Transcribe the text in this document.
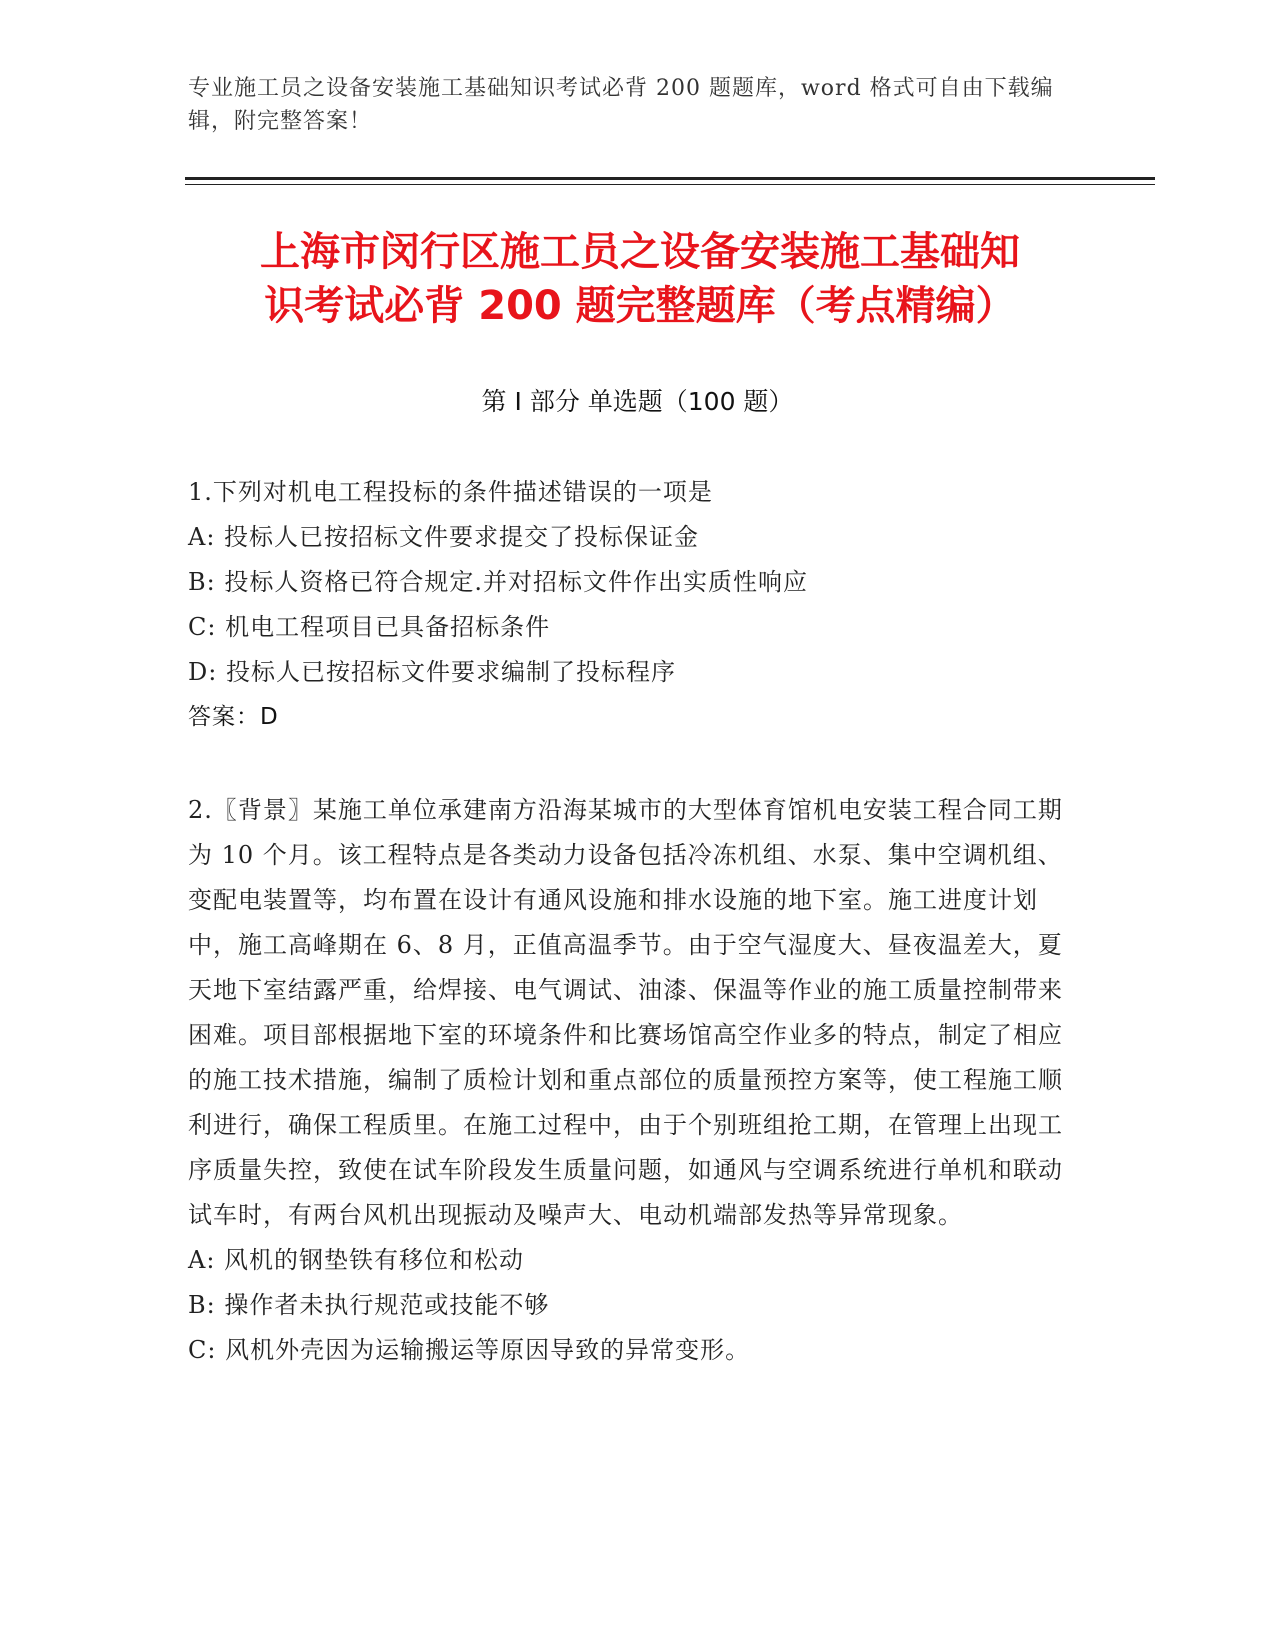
专业施工员之设备安装施工基础知识考试必背 200 题题库，word 格式可自由下载编辑，附完整答案！
上海市闵行区施工员之设备安装施工基础知
识考试必背 200 题完整题库（考点精编）
第 I 部分 单选题（100 题）
1.下列对机电工程投标的条件描述错误的一项是
A: 投标人已按招标文件要求提交了投标保证金
B: 投标人资格已符合规定.并对招标文件作出实质性响应
C: 机电工程项目已具备招标条件
D: 投标人已按招标文件要求编制了投标程序
答案：D
2.〖背景〗某施工单位承建南方沿海某城市的大型体育馆机电安装工程合同工期为 10 个月。该工程特点是各类动力设备包括冷冻机组、水泵、集中空调机组、变配电装置等，均布置在设计有通风设施和排水设施的地下室。施工进度计划中，施工高峰期在 6、8 月，正值高温季节。由于空气湿度大、昼夜温差大，夏天地下室结露严重，给焊接、电气调试、油漆、保温等作业的施工质量控制带来困难。项目部根据地下室的环境条件和比赛场馆高空作业多的特点，制定了相应的施工技术措施，编制了质检计划和重点部位的质量预控方案等，使工程施工顺利进行，确保工程质里。在施工过程中，由于个别班组抢工期，在管理上出现工序质量失控，致使在试车阶段发生质量问题，如通风与空调系统进行单机和联动试车时，有两台风机出现振动及噪声大、电动机端部发热等异常现象。
A: 风机的钢垫铁有移位和松动
B: 操作者未执行规范或技能不够
C: 风机外壳因为运输搬运等原因导致的异常变形。
